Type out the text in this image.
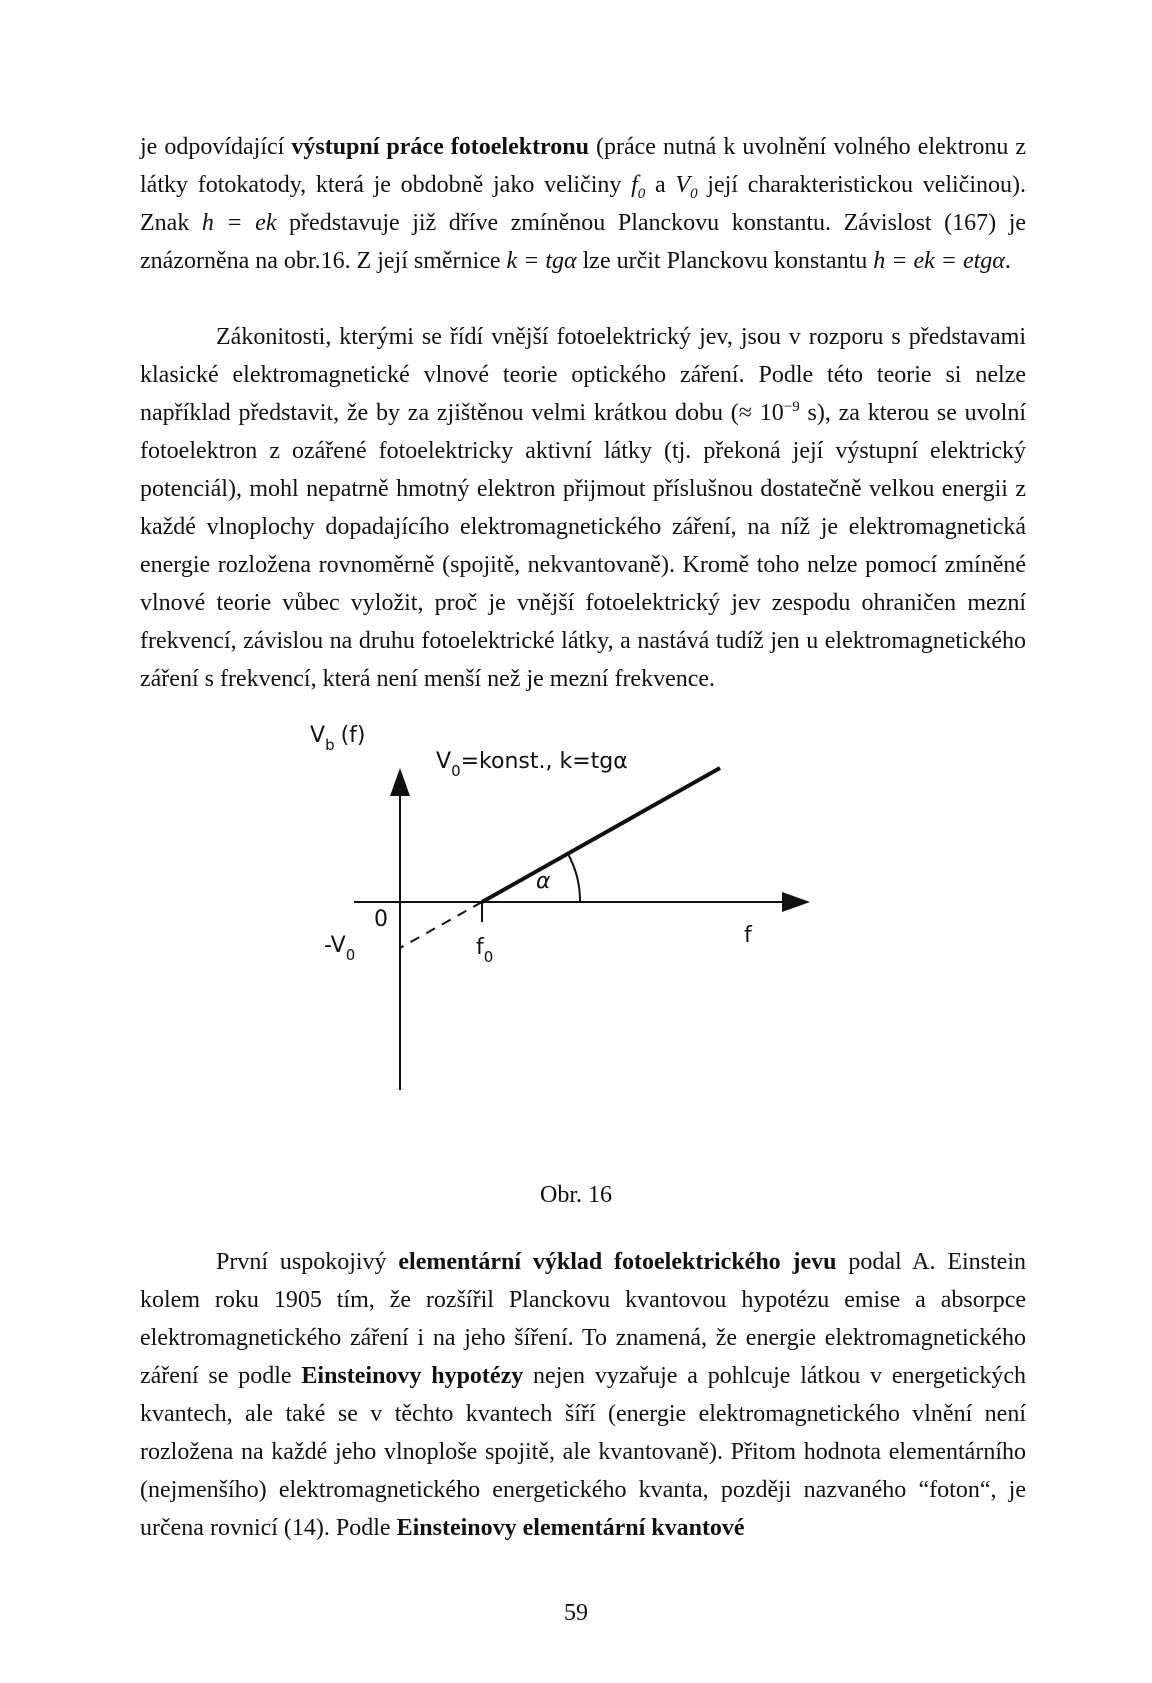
je odpovídající výstupní práce fotoelektronu (práce nutná k uvolnění volného elektronu z látky fotokatody, která je obdobně jako veličiny $f_0$ a $V_0$ její charakteristickou veličinou). Znak h = ek představuje již dříve zmíněnou Planckovu konstantu. Závislost (167) je znázorněna na obr.16. Z její směrnice k = tgα lze určit Planckovu konstantu h = ek = etgα.

Zákonitosti, kterými se řídí vnější fotoelektrický jev, jsou v rozporu s představami klasické elektromagnetické vlnové teorie optického záření. Podle této teorie si nelze například představit, že by za zjištěnou velmi krátkou dobu (≈ $10^{-9}$ s), za kterou se uvolní fotoelektron z ozářené fotoelektricky aktivní látky (tj. překoná její výstupní elektrický potenciál), mohl nepatrně hmotný elektron přijmout příslušnou dostatečně velkou energii z každé vlnoplochy dopadajícího elektromagnetického záření, na níž je elektromagnetická energie rozložena rovnoměrně (spojitě, nekvantovaně). Kromě toho nelze pomocí zmíněné vlnové teorie vůbec vyložit, proč je vnější fotoelektrický jev zespodu ohraničen mezní frekvencí, závislou na druhu fotoelektrické látky, a nastává tudíž jen u elektromagnetického záření s frekvencí, která není menší než je mezní frekvence.

$V_b$ (f)
$V_0=konst$., k=tgα
α
0
$-V_0$	$f_0$
f
Obr. 16

První uspokojivý elementární výklad fotoelektrického jevu podal A. Einstein kolem roku 1905 tím, že rozšířil Planckovu kvantovou hypotézu emise a absorpce elektromagnetického záření i na jeho šíření. To znamená, že energie elektromagnetického záření se podle Einsteinovy hypotézy nejen vyzařuje a pohlcuje látkou v energetických kvantech, ale také se v těchto kvantech šíří (energie elektromagnetického vlnění není rozložena na každé jeho vlnoploše spojitě, ale kvantovaně). Přitom hodnota elementárního (nejmenšího) elektromagnetického energetického kvanta, později nazvaného “foton“, je určena rovnicí (14). Podle Einsteinovy elementární kvantové

59
